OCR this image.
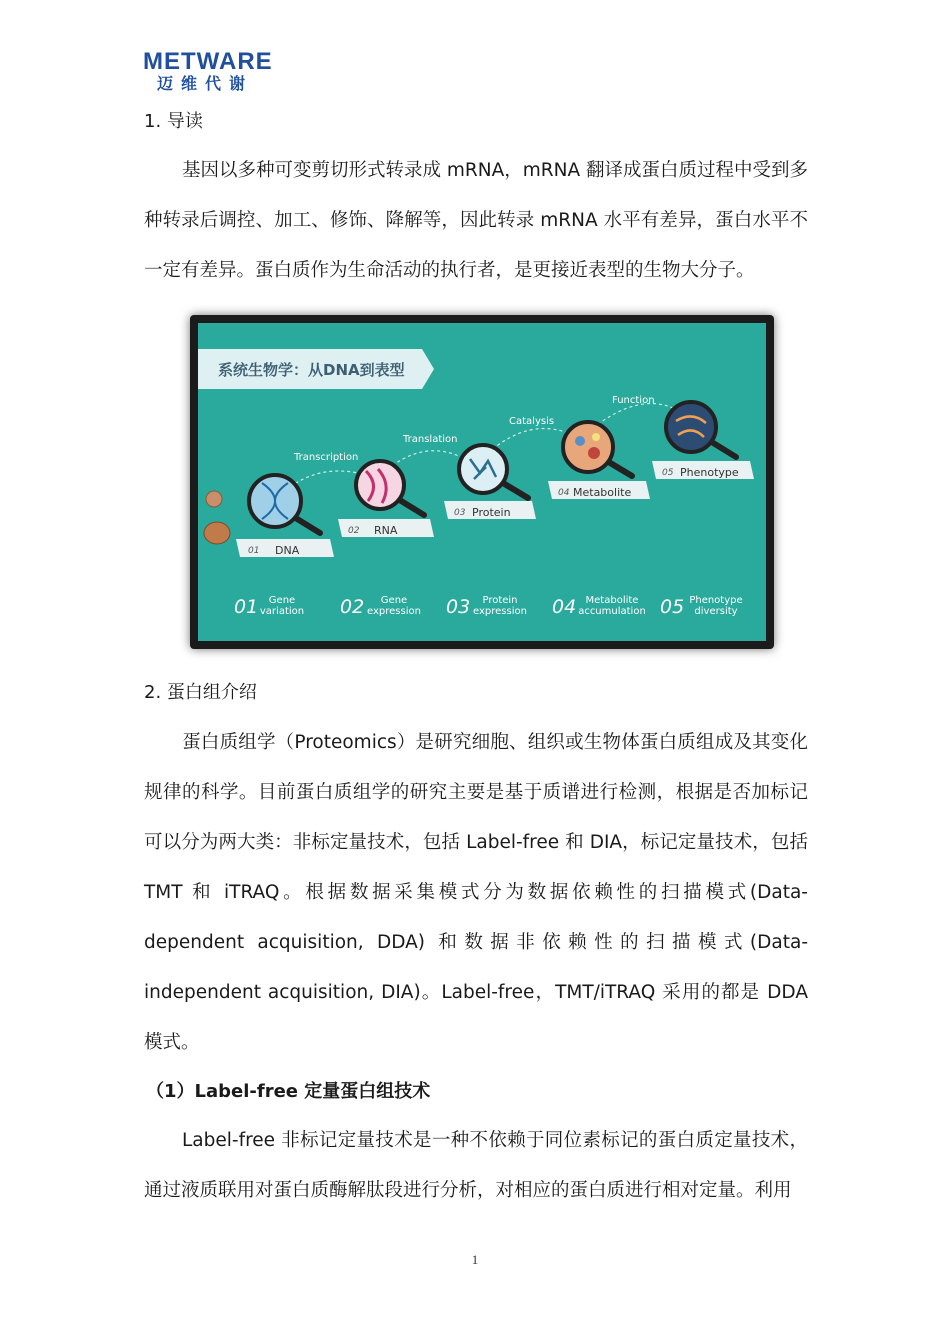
METWARE
迈维代谢
1. 导读
基因以多种可变剪切形式转录成 mRNA，mRNA 翻译成蛋白质过程中受到多种转录后调控、加工、修饰、降解等，因此转录 mRNA 水平有差异，蛋白水平不一定有差异。蛋白质作为生命活动的执行者，是更接近表型的生物大分子。
系统生物学：从DNA到表型
Transcription
Translation
Catalysis
Function
01 DNA
02 RNA
03 Protein
04 Metabolite
05 Phenotype
01 Gene
variation 02 Gene
expression 03 Protein
expression 04 Metabolite
accumulation 05 Phenotype
diversity
2. 蛋白组介绍
蛋白质组学（Proteomics）是研究细胞、组织或生物体蛋白质组成及其变化规律的科学。目前蛋白质组学的研究主要是基于质谱进行检测，根据是否加标记可以分为两大类：非标定量技术，包括 Label-free 和 DIA，标记定量技术，包括 TMT 和 iTRAQ。根据数据采集模式分为数据依赖性的扫描模式(Data-dependent acquisition, DDA) 和数据非依赖性的扫描模式(Data-independent acquisition, DIA)。Label-free，TMT/iTRAQ 采用的都是 DDA 模式。
（1）Label-free 定量蛋白组技术
Label-free 非标记定量技术是一种不依赖于同位素标记的蛋白质定量技术，通过液质联用对蛋白质酶解肽段进行分析，对相应的蛋白质进行相对定量。利用
1
